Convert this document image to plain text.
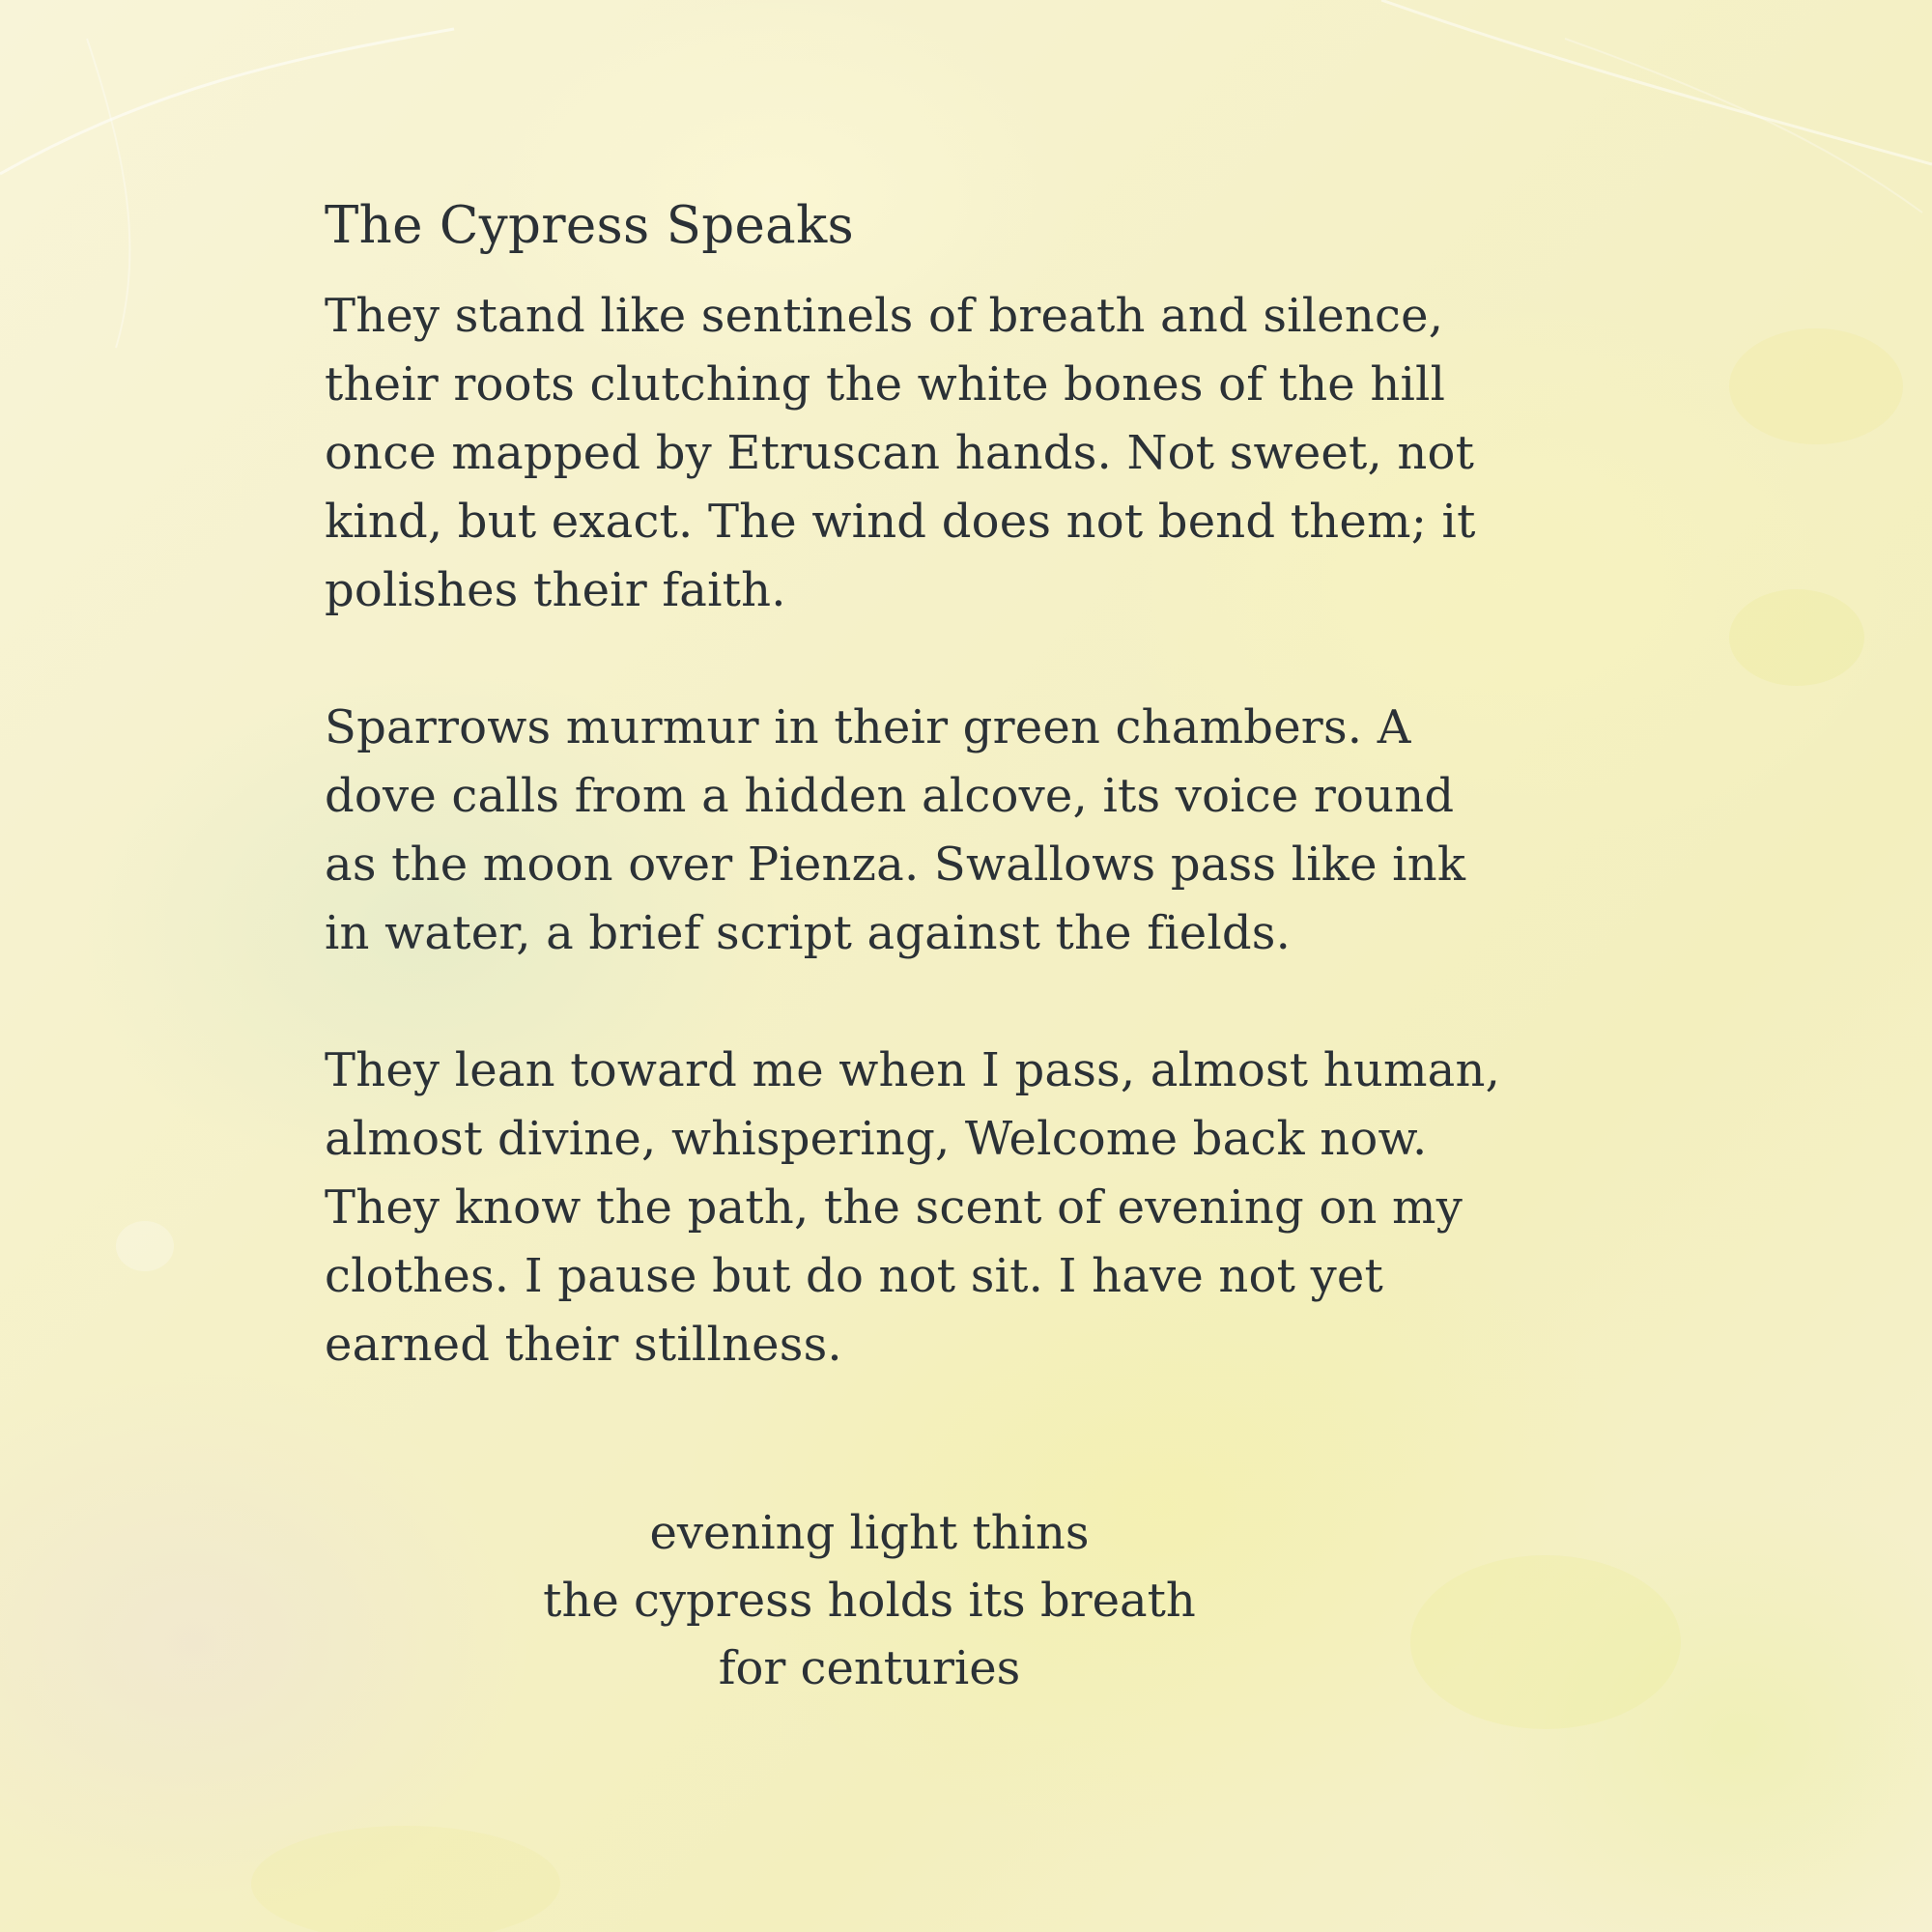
The Cypress Speaks

They stand like sentinels of breath and silence,
their roots clutching the white bones of the hill
once mapped by Etruscan hands. Not sweet, not
kind, but exact. The wind does not bend them; it
polishes their faith.

Sparrows murmur in their green chambers. A
dove calls from a hidden alcove, its voice round
as the moon over Pienza. Swallows pass like ink
in water, a brief script against the fields.

They lean toward me when I pass, almost human,
almost divine, whispering, Welcome back now.
They know the path, the scent of evening on my
clothes. I pause but do not sit. I have not yet
earned their stillness.

evening light thins
the cypress holds its breath
for centuries
